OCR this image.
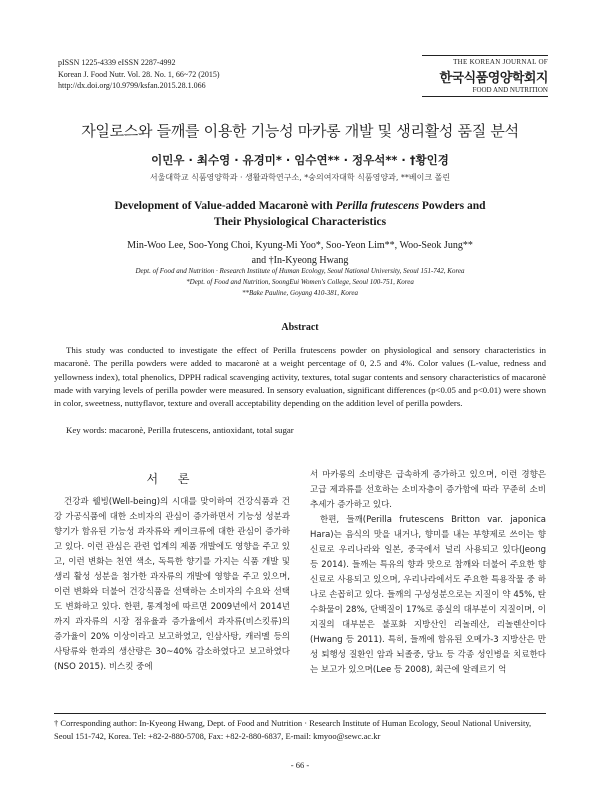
pISSN 1225-4339 eISSN 2287-4992
Korean J. Food Nutr. Vol. 28. No. 1, 66~72 (2015)
http://dx.doi.org/10.9799/ksfan.2015.28.1.066
THE KOREAN JOURNAL OF
한국식품영양학회지
FOOD AND NUTRITION
자일로스와 들깨를 이용한 기능성 마카롱 개발 및 생리활성 품질 분석
이민우 · 최수영 · 유경미* · 임수연** · 정우석** · †황인경
서울대학교 식품영양학과 · 생활과학연구소, *숭의여자대학 식품영양과, **베이크 폴린
Development of Value-added Macaronè with Perilla frutescens Powders and
Their Physiological Characteristics
Min-Woo Lee, Soo-Yong Choi, Kyung-Mi Yoo*, Soo-Yeon Lim**, Woo-Seok Jung**
and †In-Kyeong Hwang
Dept. of Food and Nutrition · Research Institute of Human Ecology, Seoul National University, Seoul 151-742, Korea
*Dept. of Food and Nutrition, SoongEui Women's College, Seoul 100-751, Korea
**Bake Pauline, Goyang 410-381, Korea
Abstract
This study was conducted to investigate the effect of Perilla frutescens powder on physiological and sensory characteristics in macaronè. The perilla powders were added to macaronè at a weight percentage of 0, 2.5 and 4%. Color values (L-value, redness and yellowness index), total phenolics, DPPH radical scavenging activity, textures, total sugar contents and sensory characteristics of macaronè made with varying levels of perilla powder were measured. In sensory evaluation, significant differences (p<0.05 and p<0.01) were shown in color, sweetness, nuttyflavor, texture and overall acceptability depending on the addition level of perilla powders.
Key words: macaronè, Perilla frutescens, antioxidant, total sugar
서 론
건강과 웰빙(Well-being)의 시대를 맞이하여 건강식품과 건강 가공식품에 대한 소비자의 관심이 증가하면서 기능성 성분과 향기가 함유된 기능성 과자류와 케이크류에 대한 관심이 증가하고 있다. 이런 관심은 관련 업계의 제품 개발에도 영향을 주고 있고, 이런 변화는 천연 색소, 독특한 향기를 가지는 식품 개발 및 생리 활성 성분을 첨가한 과자류의 개발에 영향을 주고 있으며, 이런 변화와 더불어 건강식품을 선택하는 소비자의 수요와 선택도 변화하고 있다. 한편, 통계청에 따르면 2009년에서 2014년까지 과자류의 시장 점유율과 증가율에서 과자류(비스킷류)의 증가율이 20% 이상이라고 보고하였고, 인삼사탕, 캐러멜 등의 사탕류와 한과의 생산량은 30~40% 감소하였다고 보고하였다(NSO 2015). 비스킷 중에
서 마카롱의 소비량은 급속하게 증가하고 있으며, 이런 경향은 고급 제과류를 선호하는 소비자층이 증가함에 따라 꾸준히 소비 추세가 증가하고 있다.
한편, 들깨(Perilla frutescens Britton var. japonica Hara)는 음식의 맛을 내거나, 향미를 내는 부향제로 쓰이는 향신료로 우리나라와 일본, 중국에서 널리 사용되고 있다(Jeong 등 2014). 들깨는 특유의 향과 맛으로 참깨와 더불어 주요한 향신료로 사용되고 있으며, 우리나라에서도 주요한 특용작물 중 하나로 손꼽히고 있다. 들깨의 구성성분으로는 지질이 약 45%, 탄수화물이 28%, 단백질이 17%로 종실의 대부분이 지질이며, 이 지질의 대부분은 불포화 지방산인 리놀레산, 리놀렌산이다(Hwang 등 2011). 특히, 들깨에 함유된 오메가-3 지방산은 만성 퇴행성 질환인 암과 뇌졸중, 당뇨 등 각종 성인병을 치료한다는 보고가 있으며(Lee 등 2008), 최근에 알레르기 억
† Corresponding author: In-Kyeong Hwang, Dept. of Food and Nutrition · Research Institute of Human Ecology, Seoul National University, Seoul 151-742, Korea. Tel: +82-2-880-5708, Fax: +82-2-880-6837, E-mail: kmyoo@sewc.ac.kr
- 66 -
